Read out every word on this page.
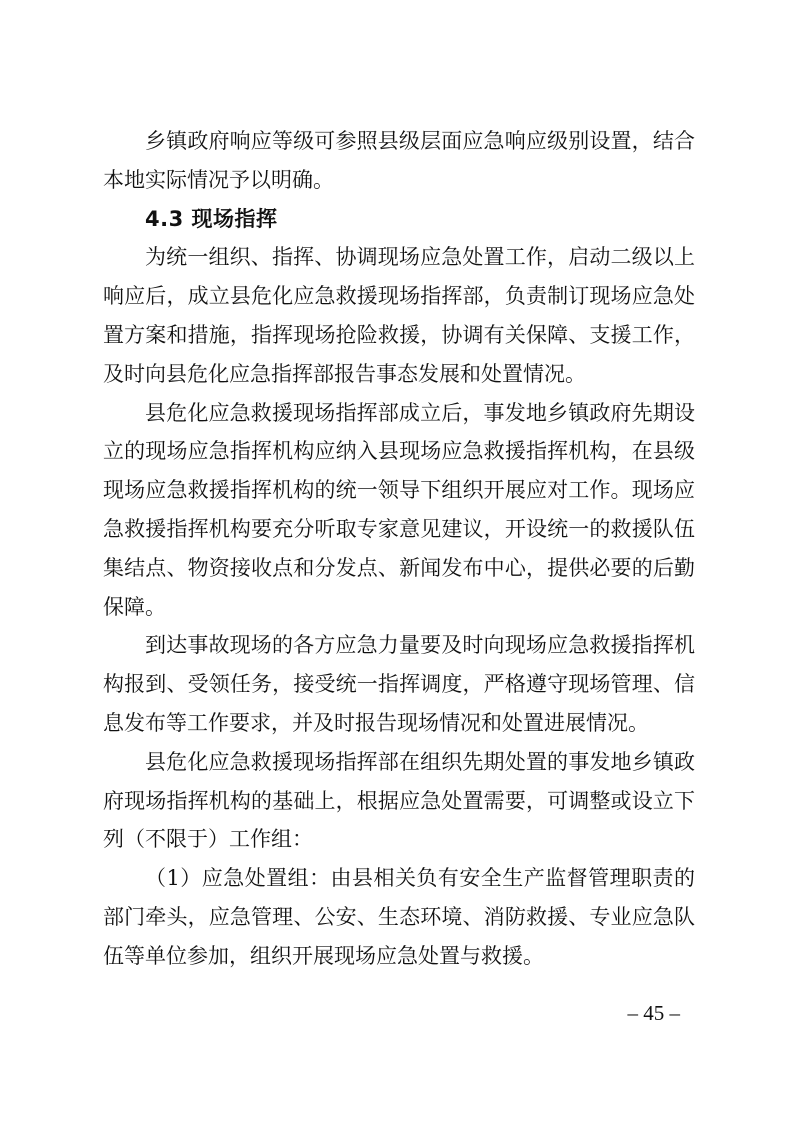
乡镇政府响应等级可参照县级层面应急响应级别设置，结合本地实际情况予以明确。

4.3 现场指挥

为统一组织、指挥、协调现场应急处置工作，启动二级以上响应后，成立县危化应急救援现场指挥部，负责制订现场应急处置方案和措施，指挥现场抢险救援，协调有关保障、支援工作，及时向县危化应急指挥部报告事态发展和处置情况。

县危化应急救援现场指挥部成立后，事发地乡镇政府先期设立的现场应急指挥机构应纳入县现场应急救援指挥机构，在县级现场应急救援指挥机构的统一领导下组织开展应对工作。现场应急救援指挥机构要充分听取专家意见建议，开设统一的救援队伍集结点、物资接收点和分发点、新闻发布中心，提供必要的后勤保障。

到达事故现场的各方应急力量要及时向现场应急救援指挥机构报到、受领任务，接受统一指挥调度，严格遵守现场管理、信息发布等工作要求，并及时报告现场情况和处置进展情况。

县危化应急救援现场指挥部在组织先期处置的事发地乡镇政府现场指挥机构的基础上，根据应急处置需要，可调整或设立下列（不限于）工作组：

（1）应急处置组：由县相关负有安全生产监督管理职责的部门牵头，应急管理、公安、生态环境、消防救援、专业应急队伍等单位参加，组织开展现场应急处置与救援。

– 45 –
